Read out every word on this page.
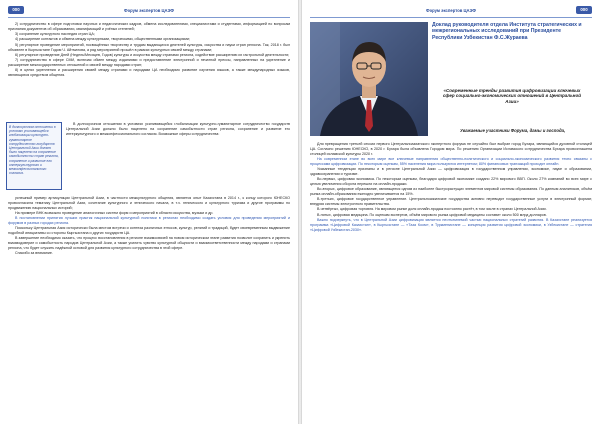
000	Форум экспертов ЦАЭФ

2) сотрудничество в сфере подготовки научных и педагогических кадров, обмена исследователями, специалистами и студентами, информацией по вопросам признания документов об образовании, квалификаций и учёных степеней;

3) сохранение культурного наследия стран ЦА;

4) расширение контактов и обмена между культурными, творческими, общественными организациями;

5) регулярное проведение мероприятий, посвящённых творчеству и трудам выдающихся деятелей культуры, искусства и науки стран региона. Так, 2018 г. был объявлен в Кыргызстане Годом Ч. Айтматова, а ряд мероприятий прошёл в рамках культурных связей между странами;

6) регулярное проведение Дней (Недель/Месяцев, Годов) культуры и искусства между странами региона, содействие расширению их гастрольной деятельности;

7) сотрудничество в сфере СМИ, включая обмен между изданиями и предоставление электронной и печатной прессы, направленных на укрепление и расширение межгосударственных отношений и связей между народами стран;

8) в целях укрепления и расширения связей между странами и народами ЦА необходимо развитие изучения языков, а также международных языков, являющихся средством общения.

В долгосрочном отношении в условиях усиливающейся глобализации культурно-гуманитарное сотрудничество государств Центральной Азии должно было нацелено на сохранение самобытности стран региона, сохранение и развитие его интеркультурного и межконфессионального согласия.

В долгосрочном отношении в условиях усиливающейся глобализации культурно-гуманитарное сотрудничество государств Центральной Азии должно было нацелено на сохранение самобытности стран региона, сохранение и развитие его интеркультурного и межконфессионального согласия. Возможные сферы сотрудничества:

успешный пример артикуляции Центральной Азии, в частности межкультурного общения, является опыт Казахстана в 2014 г., к концу которого ЮНЕСКО провозгласила тематику Центральной Азии, сочетание культурного и этнического начала, в т.ч. этнического и культурного туризма и другие программы по продвижению национальных историй;

На примере ВНК возможно проведение аналогичных систем форм и мероприятий в области искусства, музыки и др.

В постановлении принятия лучших практик национальной культурной политики в регионах необходимо создать условия для проведения мероприятий и форумов в разных городах региона.

Поскольку Центральная Азия исторически была местом встречи и синтеза различных этносов, культур, религий и традиций, будет своевременным выдвижение подобной инициативы со стороны Кыргызстана и других государств ЦА.

В завершение необходимо сказать, что процесс восстановления в регионе взаимосвязей на новом историческом этапе развития позволит сохранить и укрепить взаимодоверие и самобытность народов Центральной Азии, а также усилить чувство культурной общности и взаимоответственности между народами и странами региона, что будет служить надёжной основой для развития культурного сотрудничества в этой сфере.

Спасибо за внимание.

Форум экспертов ЦАЭФ	000
Доклад руководителя отдела Института стратегических и межрегиональных исследований при Президенте Республики Узбекистан Ф.С.Жураева
«Современные тренды развития цифровизации ключевых сфер социально-экономических отношений в Центральной Азии»
Уважаемые участники Форума, дамы и господа,

Для превращения третьей сессии первого Центральноазиатского экспертного форума не случайно был выбран город Бухара, являющийся духовной столицей ЦА. Согласно решению ЮНЕСКО, в 2020 г. Бухара была объявлена Городом мира. По решению Организации Исламского сотрудничества Бухара провозглашена столицей исламской культуры 2020 г.

На современном этапе во всех мире все ключевые направления общественно-политического и социально-экономического развития тесно связаны с процессами цифровизации. По некоторым оценкам, 55% населения мира пользуются интернетом; 80% финансовых транзакций проходят онлайн.

Указанные тенденции признаны и в регионе Центральной Азии — цифровизация в государственном управлении, экономике, науке и образовании, здравоохранении и туризме.

Во-первых, цифровая экономика. По некоторым оценкам, благодаря цифровой экономике создано 22% мирового ВВП. Около 27% компаний во всех мире с целью увеличения оборота перешли на онлайн-продажи.

Во-вторых, цифровое образование, являющееся одним из наиболее быстрорастущих элементов мировой системы образования. По данным аналитиков, объём рынка онлайн-образования ежегодно увеличивается на 15%.

В-третьих, цифровое государственное управление. Центральноазиатские государства активно переводят государственные услуги в электронный формат, внедряя системы электронного правительства.

В-четвёртых, цифровая торговля. На мировом рынке доля онлайн-продаж постоянно растёт, в том числе в странах Центральной Азии.

В-пятых, цифровая медицина. По оценкам экспертов, объём мирового рынка цифровой медицины составит около 500 млрд долларов.

Важно подчеркнуть, что в Центральной Азии цифровизация является неотъемлемой частью национальных стратегий развития. В Казахстане реализуется программа «Цифровой Казахстан», в Кыргызстане — «Таза Коом», в Туркменистане — концепция развития цифровой экономики, в Узбекистане — стратегия «Цифровой Узбекистан-2030».
